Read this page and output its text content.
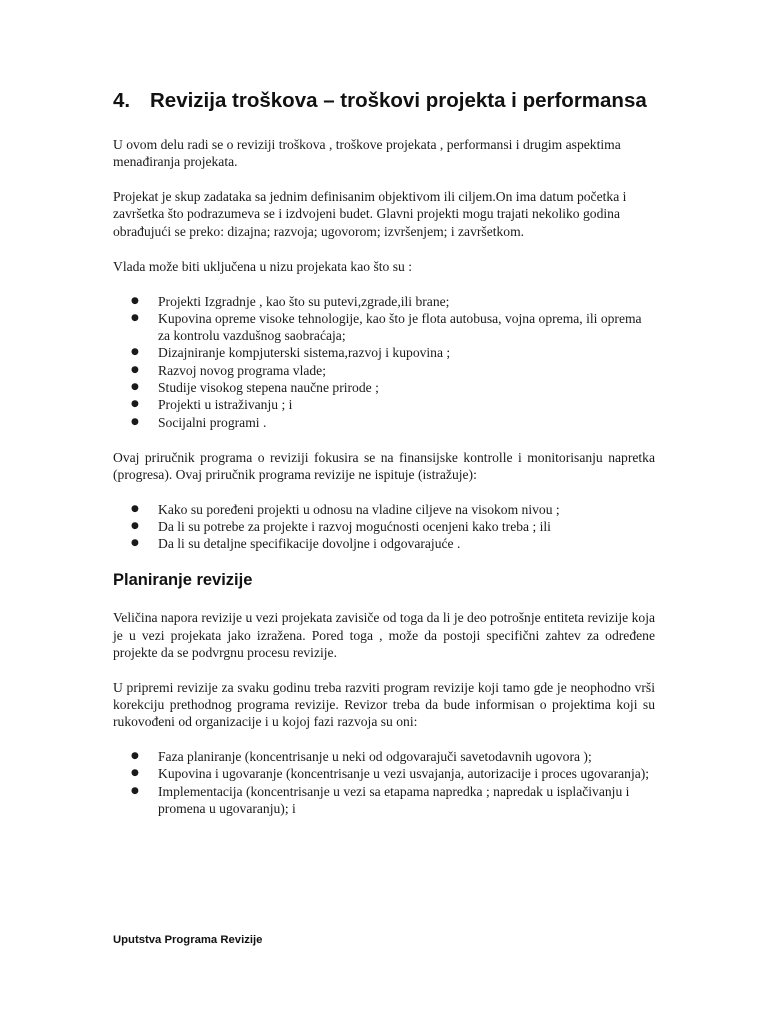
4. Revizija troškova – troškovi projekta i performansa

U ovom delu radi se o reviziji troškova , troškove projekata , performansi i drugim aspektima menađiranja projekata.

Projekat je skup zadataka sa jednim definisanim objektivom ili ciljem.On ima datum početka i završetka što podrazumeva se i izdvojeni budet. Glavni projekti mogu trajati nekoliko godina obrađujući se preko: dizajna; razvoja; ugovorom; izvršenjem; i završetkom.

Vlada može biti uključena u nizu projekata kao što su :

● Projekti Izgradnje , kao što su putevi,zgrade,ili brane;
● Kupovina opreme visoke tehnologije, kao što je flota autobusa, vojna oprema, ili oprema za kontrolu vazdušnog saobraćaja;
● Dizajniranje kompjuterski sistema,razvoj i kupovina ;
● Razvoj novog programa vlade;
● Studije visokog stepena naučne prirode ;
● Projekti u istraživanju ; i
● Socijalni programi .

Ovaj priručnik programa o reviziji fokusira se na finansijske kontrolle i monitorisanju napretka (progresa). Ovaj priručnik programa revizije ne ispituje (istražuje):

● Kako su poređeni projekti u odnosu na vladine ciljeve na visokom nivou ;
● Da li su potrebe za projekte i razvoj mogućnosti ocenjeni kako treba ; ili
● Da li su detaljne specifikacije dovoljne i odgovarajuće .
Planiranje revizije

Veličina napora revizije u vezi projekata zavisiče od toga da li je deo potrošnje entiteta revizije koja je u vezi projekata jako izražena. Pored toga , može da postoji specifični zahtev za određene projekte da se podvrgnu procesu revizije.

U pripremi revizije za svaku godinu treba razviti program revizije koji tamo gde je neophodno vrši korekciju prethodnog programa revizije. Revizor treba da bude informisan o projektima koji su rukovođeni od organizacije i u kojoj fazi razvoja su oni:

● Faza planiranje (koncentrisanje u neki od odgovarajuči savetodavnih ugovora );
● Kupovina i ugovaranje (koncentrisanje u vezi usvajanja, autorizacije i proces ugovaranja);
● Implementacija (koncentrisanje u vezi sa etapama napredka ; napredak u isplačivanju i promena u ugovaranju); i
Uputstva Programa Revizije
